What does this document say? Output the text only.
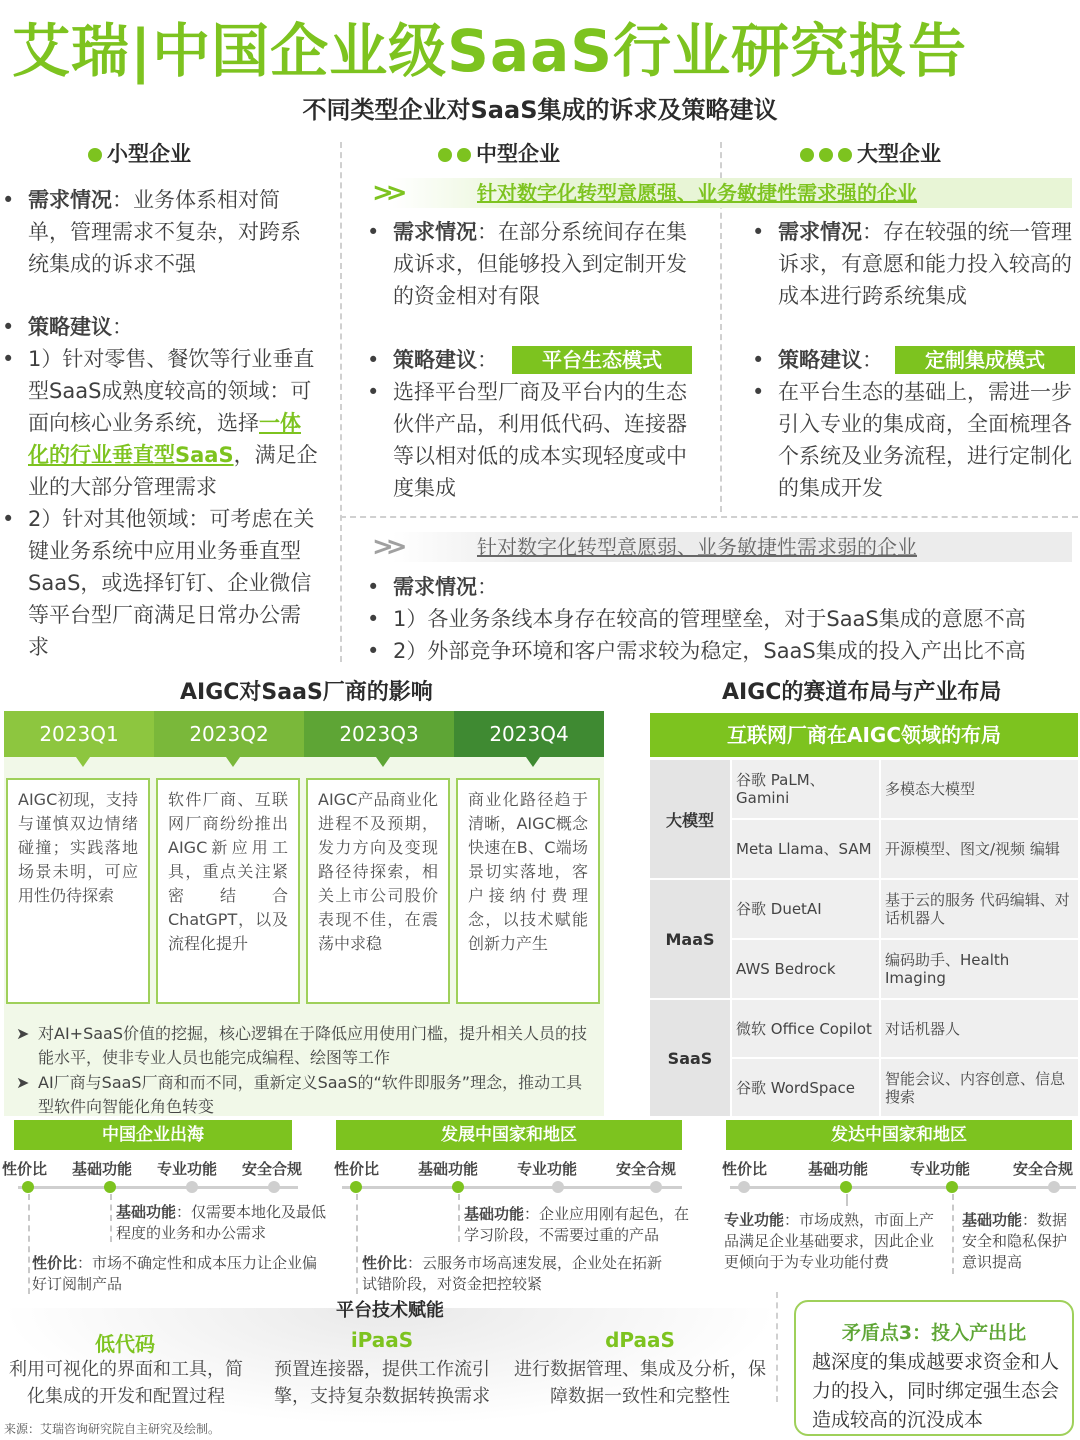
艾瑞|中国企业级SaaS行业研究报告
不同类型企业对SaaS集成的诉求及策略建议
小型企业	中型企业	大型企业
• 需求情况：业务体系相对简单，管理需求不复杂，对跨系统集成的诉求不强
• 策略建议：
• 1）针对零售、餐饮等行业垂直型SaaS成熟度较高的领域：可面向核心业务系统，选择一体化的行业垂直型SaaS，满足企业的大部分管理需求
• 2）针对其他领域：可考虑在关键业务系统中应用业务垂直型SaaS，或选择钉钉、企业微信等平台型厂商满足日常办公需求
>>	针对数字化转型意愿强、业务敏捷性需求强的企业
• 需求情况：在部分系统间存在集成诉求，但能够投入到定制开发的资金相对有限
• 策略建议：	平台生态模式
• 选择平台型厂商及平台内的生态伙伴产品，利用低代码、连接器等以相对低的成本实现轻度或中度集成
• 需求情况：存在较强的统一管理诉求，有意愿和能力投入较高的成本进行跨系统集成
• 策略建议：	定制集成模式
• 在平台生态的基础上，需进一步引入专业的集成商，全面梳理各个系统及业务流程，进行定制化的集成开发
>>	针对数字化转型意愿弱、业务敏捷性需求弱的企业
• 需求情况：
• 1）各业务条线本身存在较高的管理壁垒，对于SaaS集成的意愿不高
• 2）外部竞争环境和客户需求较为稳定，SaaS集成的投入产出比不高
AIGC对SaaS厂商的影响
2023Q1	2023Q2	2023Q3	2023Q4
AIGC初现，支持与谨慎双边情绪碰撞；实践落地场景未明，可应用性仍待探索
软件厂商、互联网厂商纷纷推出AIGC新应用工具，重点关注紧密结合ChatGPT，以及流程化提升
AIGC产品商业化进程不及预期，发力方向及变现路径待探索，相关上市公司股价表现不佳，在震荡中求稳
商业化路径趋于清晰，AIGC概念快速在B、C端场景切实落地，客户接纳付费理念，以技术赋能创新力产生
➤ 对AI+SaaS价值的挖掘，核心逻辑在于降低应用使用门槛，提升相关人员的技能水平，使非专业人员也能完成编程、绘图等工作
➤ AI厂商与SaaS厂商和而不同，重新定义SaaS的“软件即服务”理念，推动工具型软件向智能化角色转变
AIGC的赛道布局与产业布局
互联网厂商在AIGC领域的布局
大模型
谷歌 PaLM、Gamini	多模态大模型
Meta Llama、SAM 开源模型、图文/视频 编辑
MaaS
谷歌 DuetAI	基于云的服务 代码编辑、对话机器人
AWS Bedrock	编码助手、Health Imaging
SaaS
微软 Office Copilot 对话机器人
谷歌 WordSpace	智能会议、内容创意、信息搜索
中国企业出海
性价比 基础功能 专业功能 安全合规
基础功能：仅需要本地化及最低程度的业务和办公需求
性价比：市场不确定性和成本压力让企业偏好订阅制产品
发展中国家和地区
性价比	基础功能	专业功能	安全合规
基础功能：企业应用刚有起色，在学习阶段，不需要过重的产品
性价比：云服务市场高速发展，企业处在拓新试错阶段，对资金把控较紧
发达中国家和地区
性价比	基础功能	专业功能	安全合规
专业功能：市场成熟，市面上产品满足企业基础要求，因此企业更倾向于为专业功能付费
基础功能：数据安全和隐私保护意识提高
平台技术赋能
低代码
利用可视化的界面和工具，简化集成的开发和配置过程
iPaaS
预置连接器，提供工作流引擎，支持复杂数据转换需求
dPaaS
进行数据管理、集成及分析，保障数据一致性和完整性
矛盾点3：投入产出比
越深度的集成越要求资金和人力的投入，同时绑定强生态会造成较高的沉没成本
来源：艾瑞咨询研究院自主研究及绘制。
